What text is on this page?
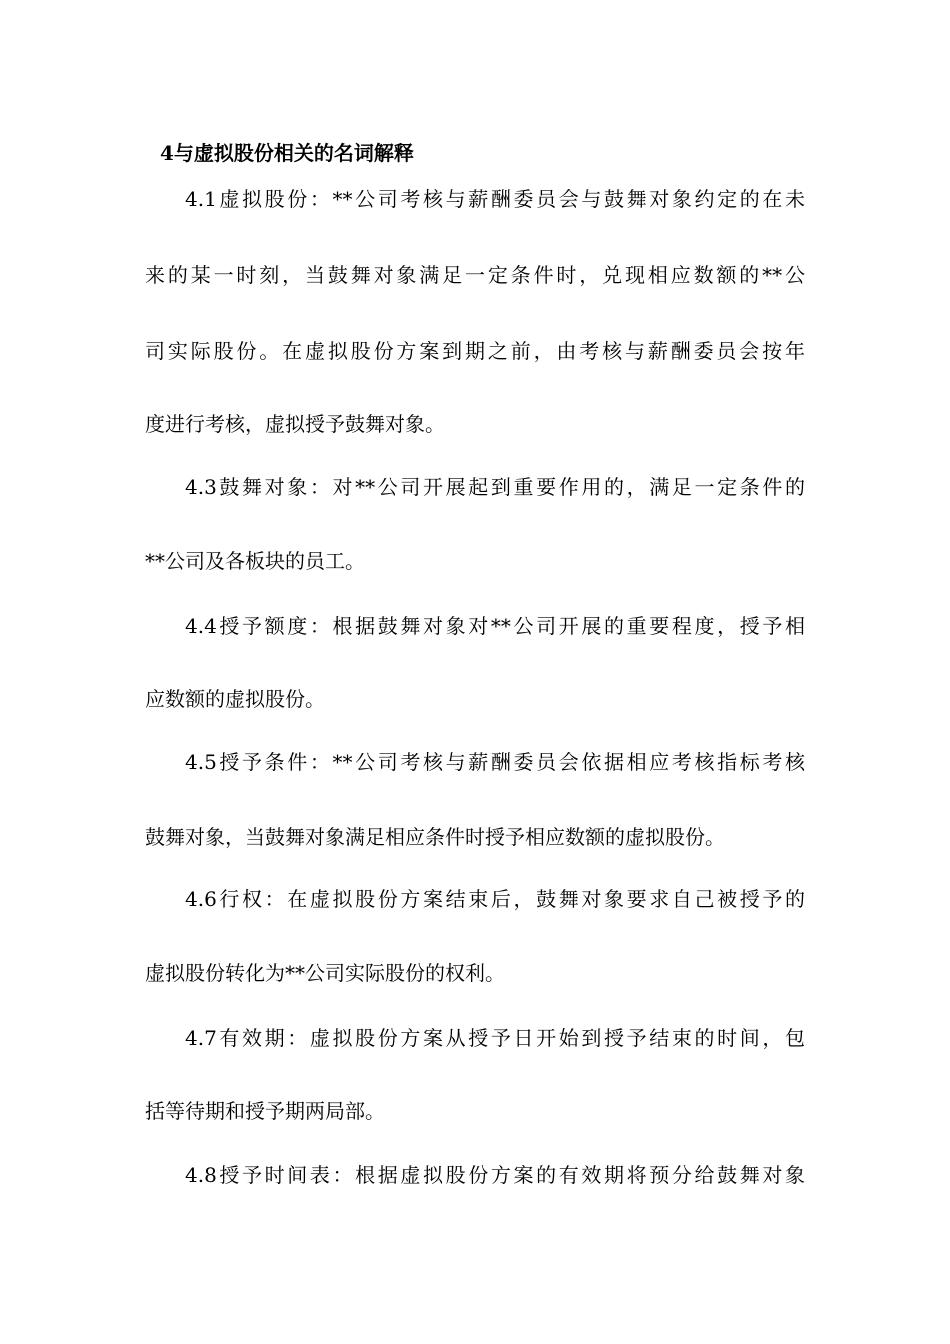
4与虚拟股份相关的名词解释
4.1虚拟股份：**公司考核与薪酬委员会与鼓舞对象约定的在未
来的某一时刻，当鼓舞对象满足一定条件时，兑现相应数额的**公
司实际股份。在虚拟股份方案到期之前，由考核与薪酬委员会按年
度进行考核，虚拟授予鼓舞对象。
4.3鼓舞对象：对**公司开展起到重要作用的，满足一定条件的
**公司及各板块的员工。
4.4授予额度：根据鼓舞对象对**公司开展的重要程度，授予相
应数额的虚拟股份。
4.5授予条件：**公司考核与薪酬委员会依据相应考核指标考核
鼓舞对象，当鼓舞对象满足相应条件时授予相应数额的虚拟股份。
4.6行权：在虚拟股份方案结束后，鼓舞对象要求自己被授予的
虚拟股份转化为**公司实际股份的权利。
4.7有效期：虚拟股份方案从授予日开始到授予结束的时间，包
括等待期和授予期两局部。
4.8授予时间表：根据虚拟股份方案的有效期将预分给鼓舞对象
